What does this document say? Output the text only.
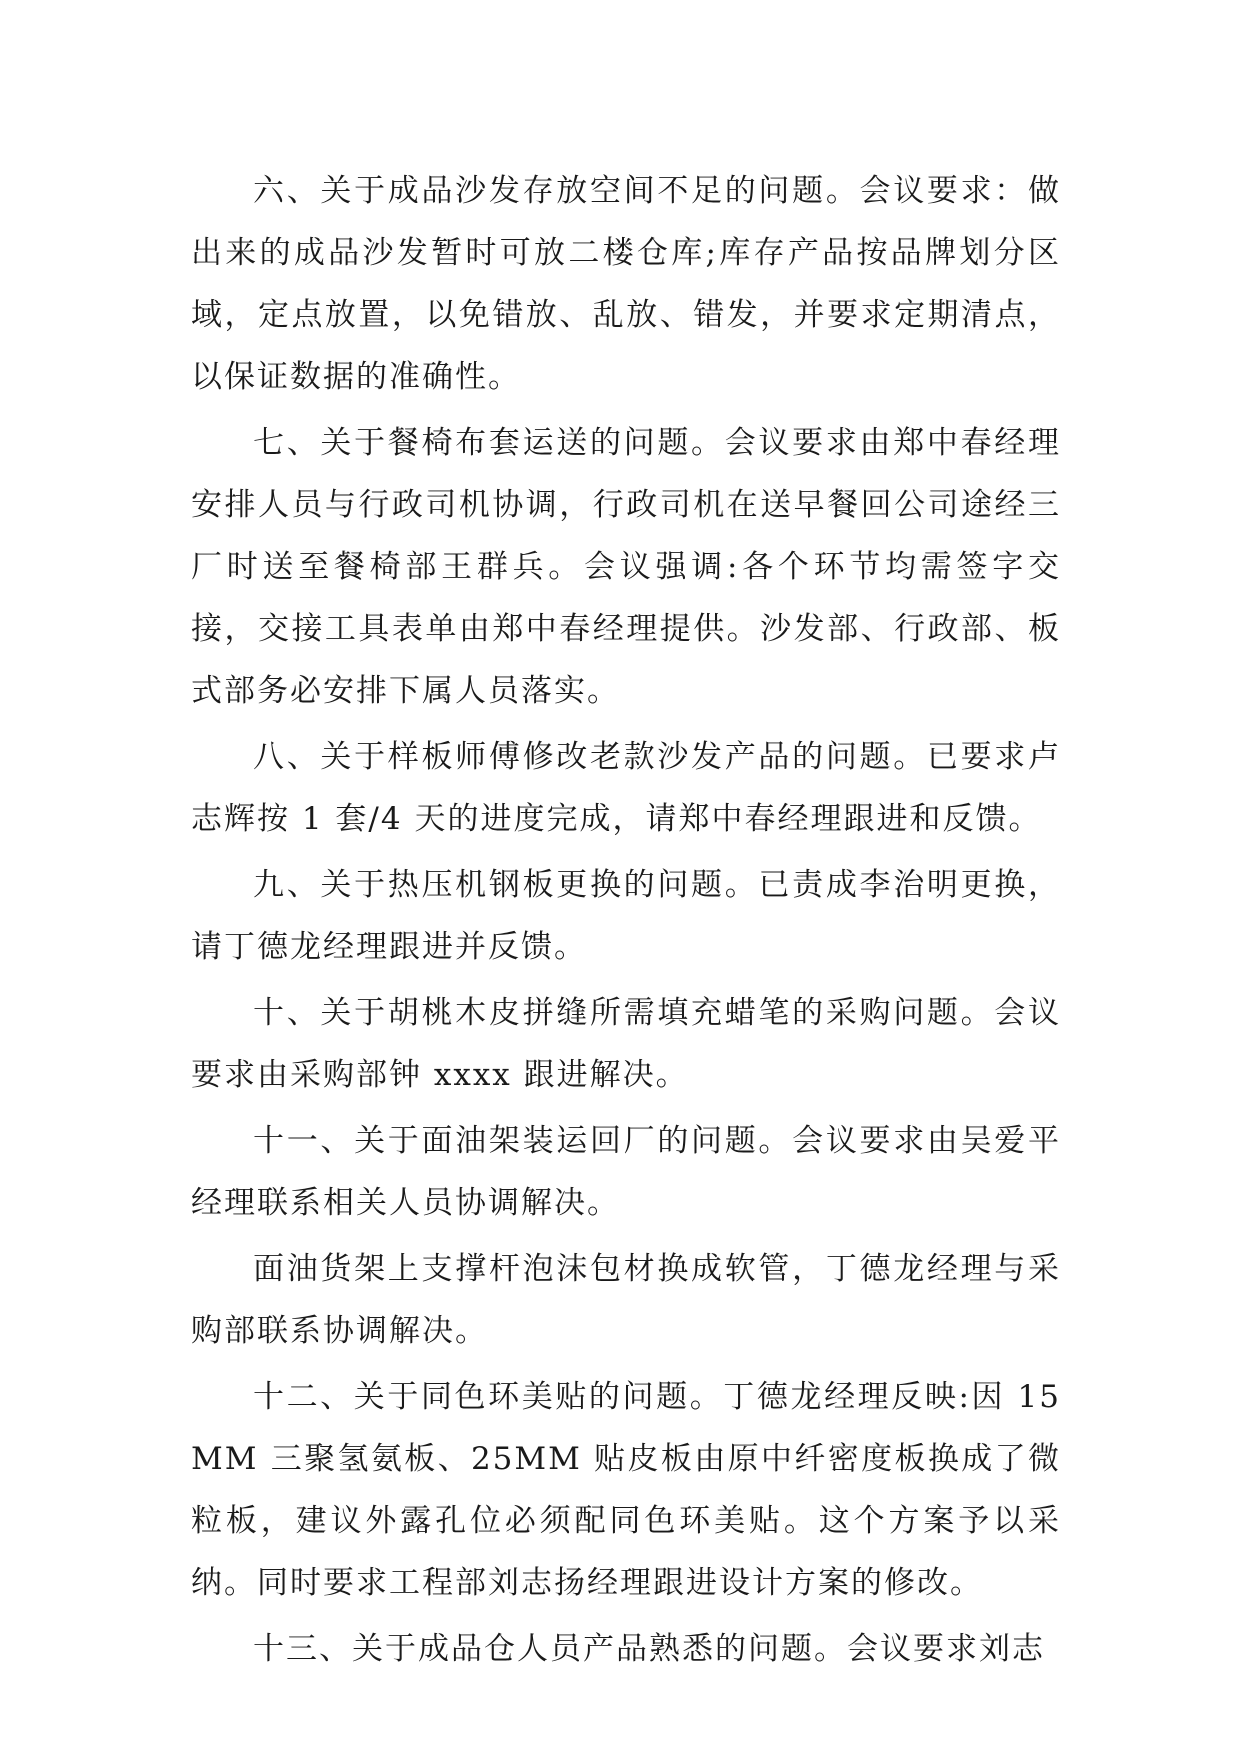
六、关于成品沙发存放空间不足的问题。会议要求：做出来的成品沙发暂时可放二楼仓库;库存产品按品牌划分区域，定点放置，以免错放、乱放、错发，并要求定期清点，以保证数据的准确性。

七、关于餐椅布套运送的问题。会议要求由郑中春经理安排人员与行政司机协调，行政司机在送早餐回公司途经三厂时送至餐椅部王群兵。会议强调:各个环节均需签字交接，交接工具表单由郑中春经理提供。沙发部、行政部、板式部务必安排下属人员落实。

八、关于样板师傅修改老款沙发产品的问题。已要求卢志辉按 1 套/4 天的进度完成，请郑中春经理跟进和反馈。

九、关于热压机钢板更换的问题。已责成李治明更换，请丁德龙经理跟进并反馈。

十、关于胡桃木皮拼缝所需填充蜡笔的采购问题。会议要求由采购部钟 xxxx 跟进解决。

十一、关于面油架装运回厂的问题。会议要求由吴爱平经理联系相关人员协调解决。

面油货架上支撑杆泡沫包材换成软管，丁德龙经理与采购部联系协调解决。

十二、关于同色环美贴的问题。丁德龙经理反映:因 15MM 三聚氢氨板、25MM 贴皮板由原中纤密度板换成了微粒板，建议外露孔位必须配同色环美贴。这个方案予以采纳。同时要求工程部刘志扬经理跟进设计方案的修改。

十三、关于成品仓人员产品熟悉的问题。会议要求刘志
